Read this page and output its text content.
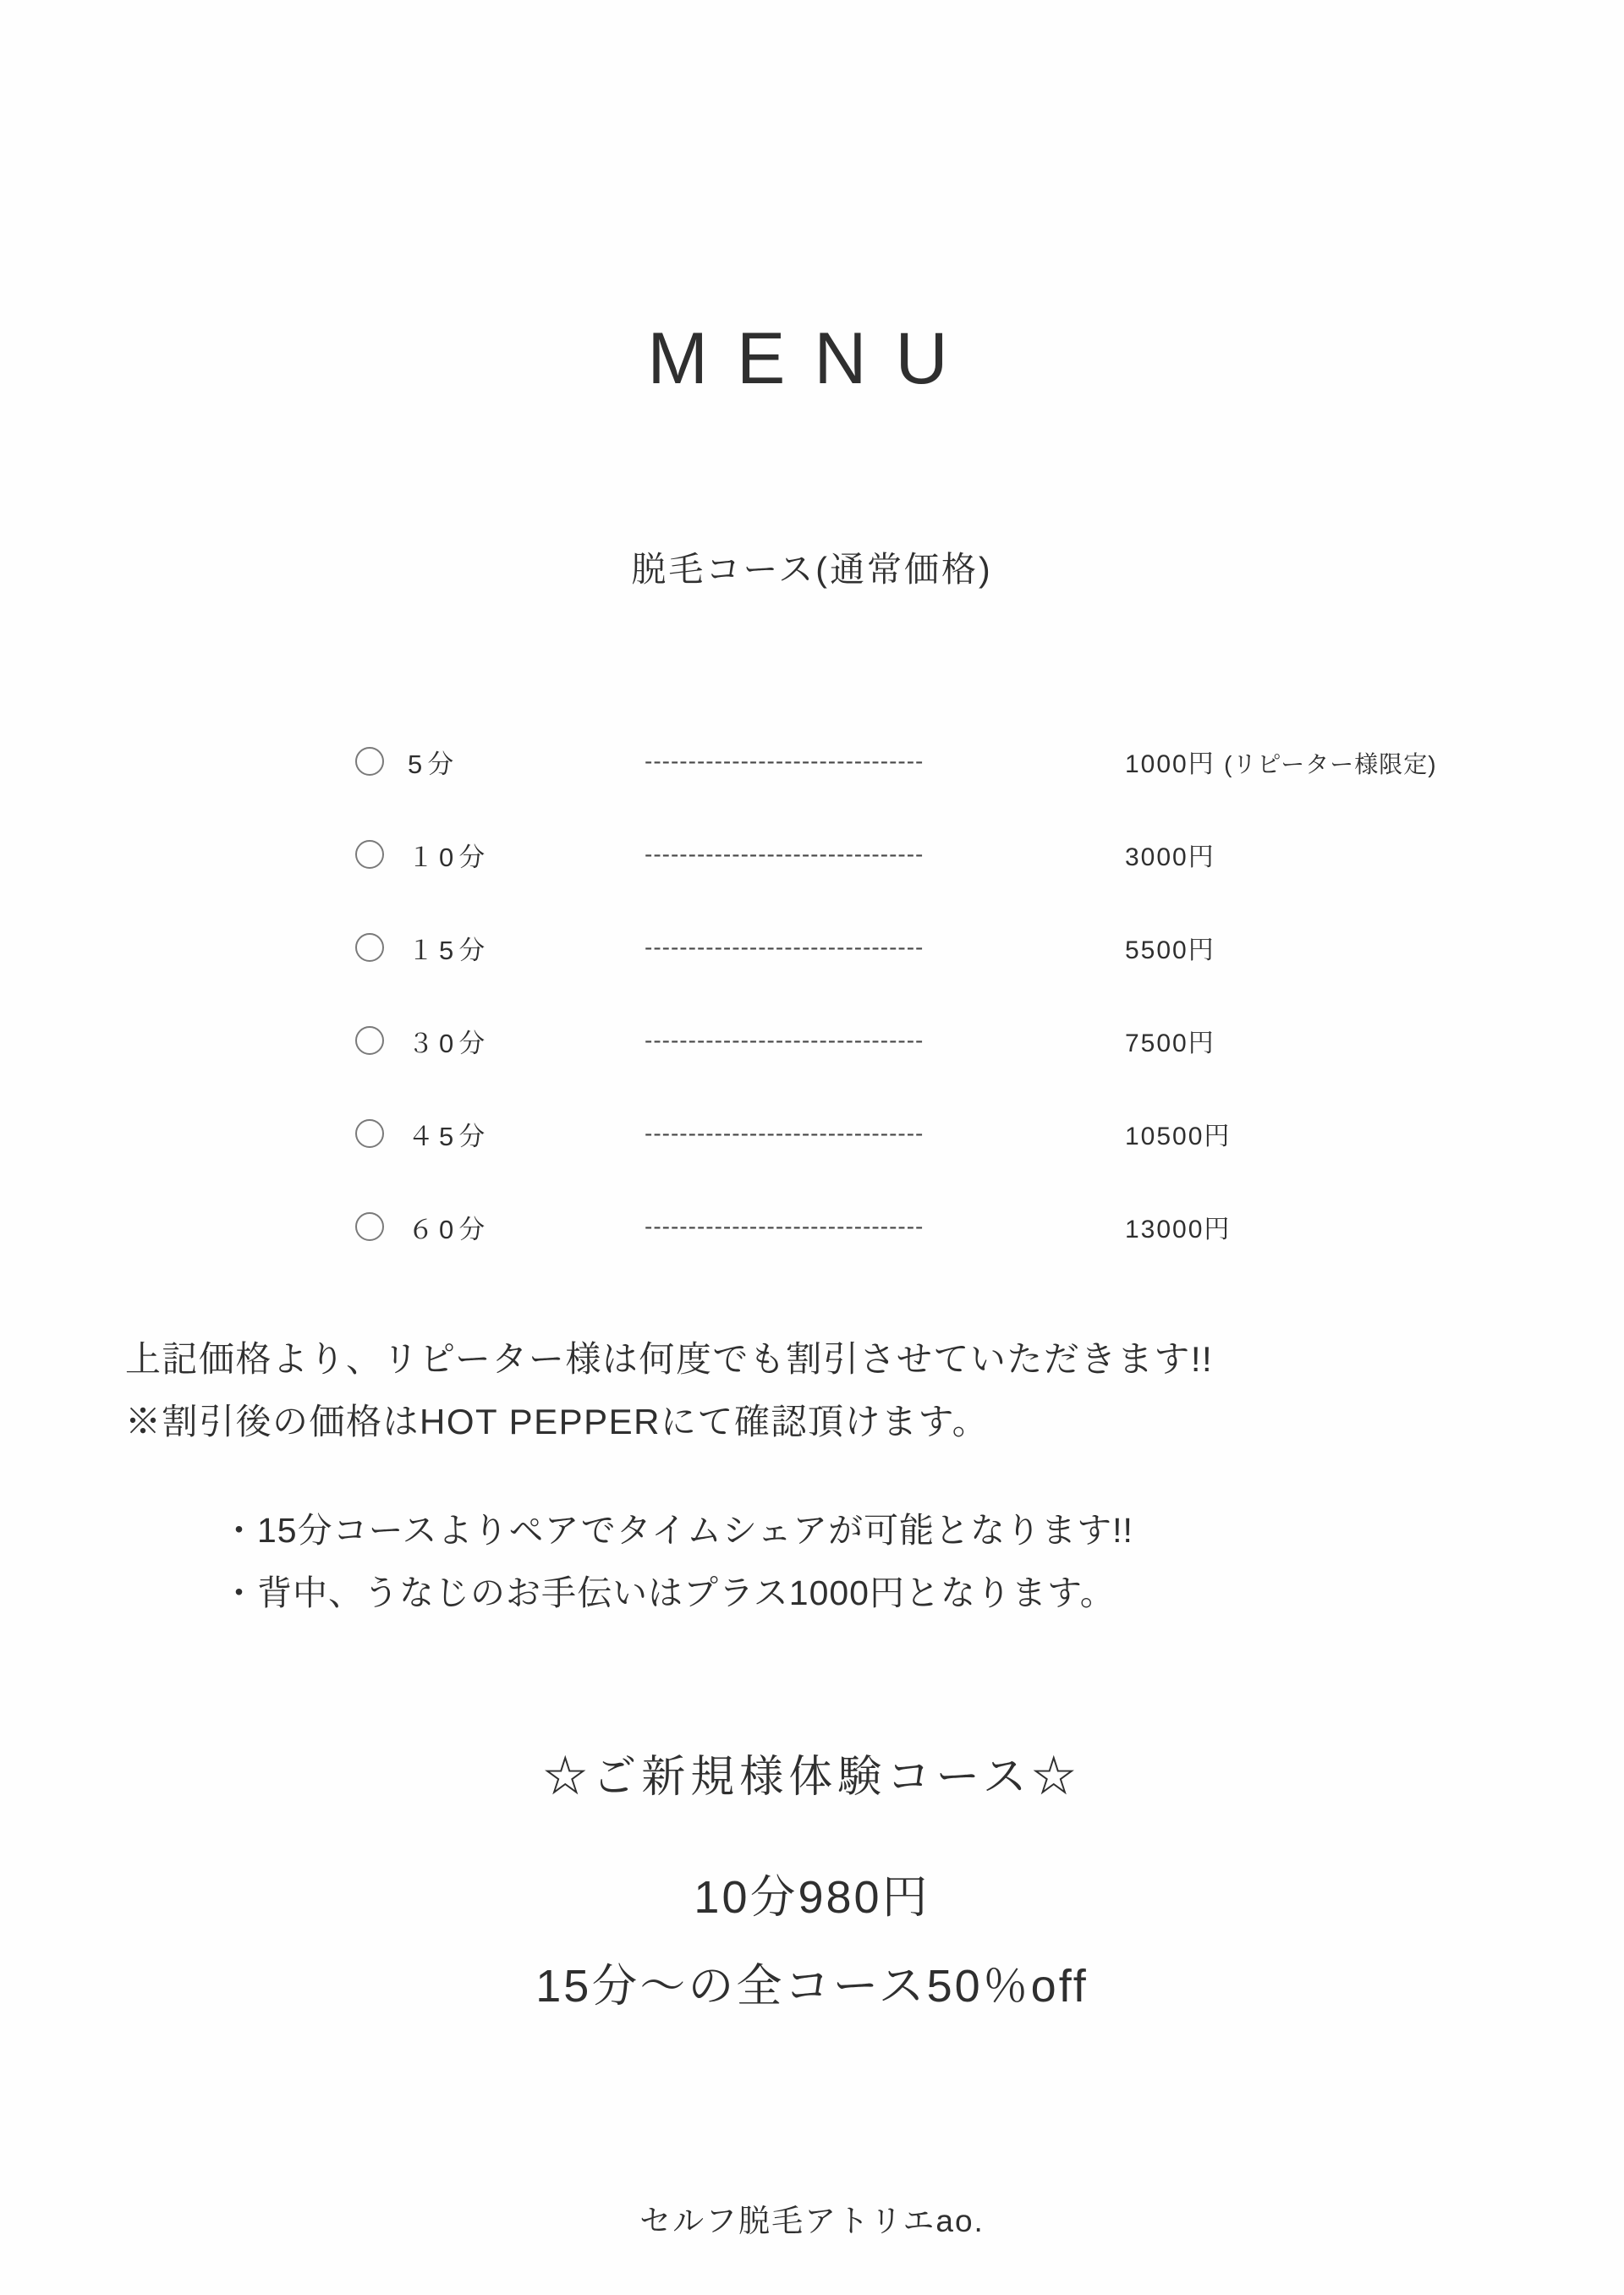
MENU
脱毛コース(通常価格)
5分	--------------------------------	1000円 (リピーター様限定)
１0分	--------------------------------	3000円
１5分	--------------------------------	5500円
３0分	--------------------------------	7500円
４5分	--------------------------------	10500円
６0分	--------------------------------	13000円
上記価格より、リピーター様は何度でも割引させていただきます!!
※割引後の価格はHOT PEPPERにて確認頂けます。
・15分コースよりペアでタイムシェアが可能となります!!
・背中、うなじのお手伝いはプラス1000円となります。
☆ご新規様体験コース☆
10分980円
15分〜の全コース50％off
セルフ脱毛アトリエao.
